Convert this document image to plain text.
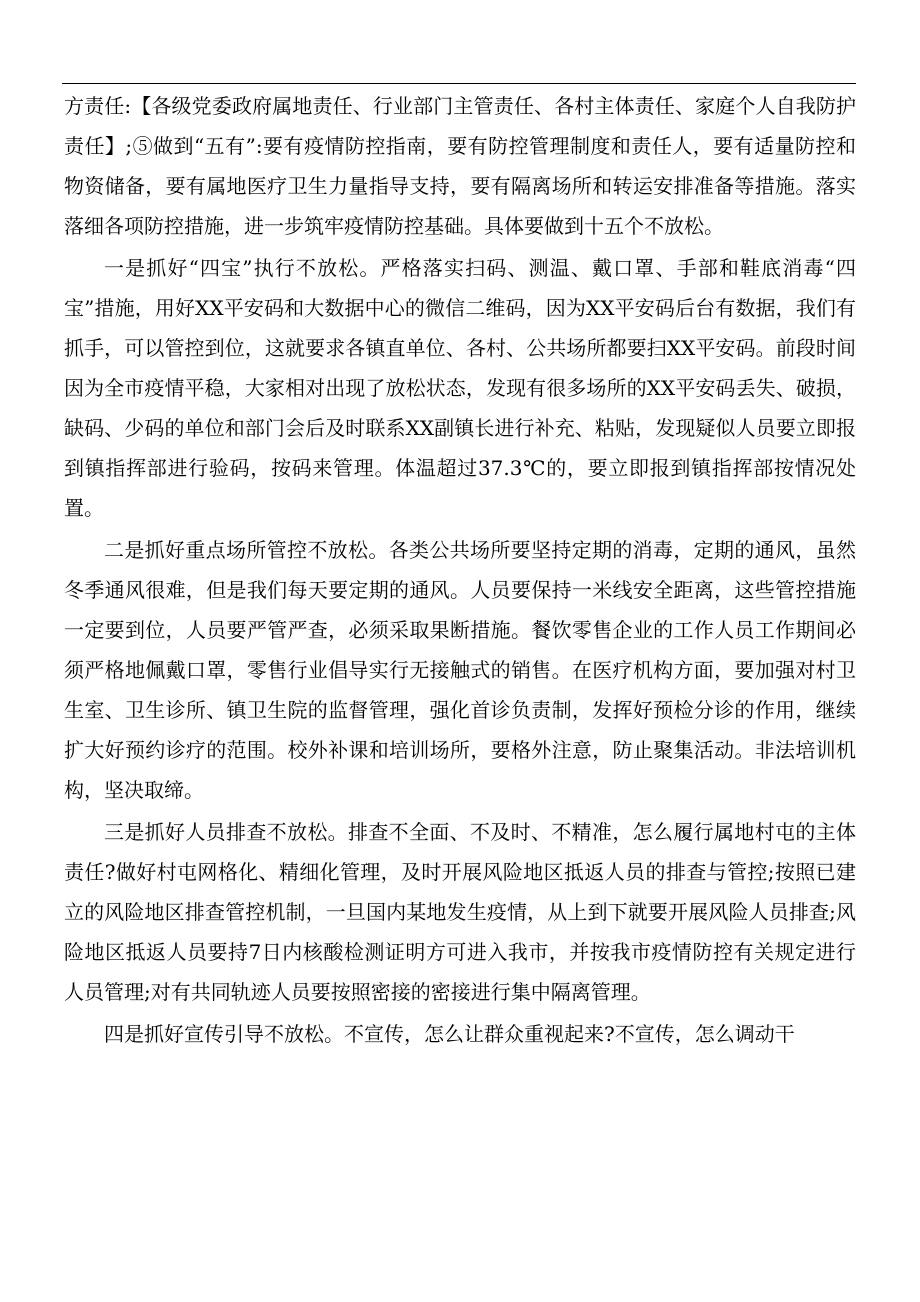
方责任:【各级党委政府属地责任、行业部门主管责任、各村主体责任、家庭个人自我防护责任】;⑤做到“五有”:要有疫情防控指南，要有防控管理制度和责任人，要有适量防控和物资储备，要有属地医疗卫生力量指导支持，要有隔离场所和转运安排准备等措施。落实落细各项防控措施，进一步筑牢疫情防控基础。具体要做到十五个不放松。

一是抓好“四宝”执行不放松。严格落实扫码、测温、戴口罩、手部和鞋底消毒“四宝”措施，用好XX平安码和大数据中心的微信二维码，因为XX平安码后台有数据，我们有抓手，可以管控到位，这就要求各镇直单位、各村、公共场所都要扫XX平安码。前段时间因为全市疫情平稳，大家相对出现了放松状态，发现有很多场所的XX平安码丢失、破损，缺码、少码的单位和部门会后及时联系XX副镇长进行补充、粘贴，发现疑似人员要立即报到镇指挥部进行验码，按码来管理。体温超过37.3℃的，要立即报到镇指挥部按情况处置。

二是抓好重点场所管控不放松。各类公共场所要坚持定期的消毒，定期的通风，虽然冬季通风很难，但是我们每天要定期的通风。人员要保持一米线安全距离，这些管控措施一定要到位，人员要严管严查，必须采取果断措施。餐饮零售企业的工作人员工作期间必须严格地佩戴口罩，零售行业倡导实行无接触式的销售。在医疗机构方面，要加强对村卫生室、卫生诊所、镇卫生院的监督管理，强化首诊负责制，发挥好预检分诊的作用，继续扩大好预约诊疗的范围。校外补课和培训场所，要格外注意，防止聚集活动。非法培训机构，坚决取缔。

三是抓好人员排查不放松。排查不全面、不及时、不精准，怎么履行属地村屯的主体责任?做好村屯网格化、精细化管理，及时开展风险地区抵返人员的排查与管控;按照已建立的风险地区排查管控机制，一旦国内某地发生疫情，从上到下就要开展风险人员排查;风险地区抵返人员要持7日内核酸检测证明方可进入我市，并按我市疫情防控有关规定进行人员管理;对有共同轨迹人员要按照密接的密接进行集中隔离管理。

四是抓好宣传引导不放松。不宣传，怎么让群众重视起来?不宣传，怎么调动干
